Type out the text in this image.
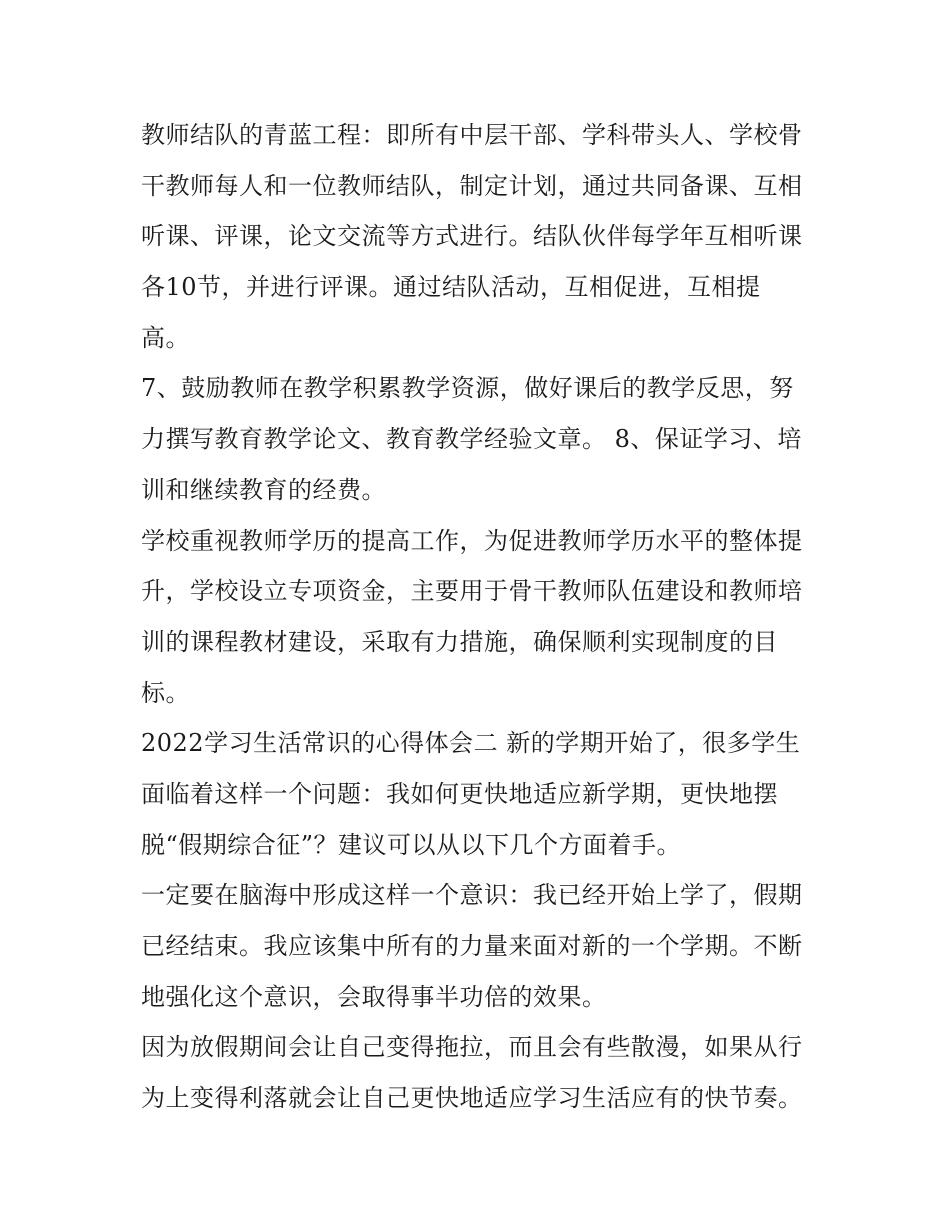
教师结队的青蓝工程：即所有中层干部、学科带头人、学校骨
干教师每人和一位教师结队，制定计划，通过共同备课、互相
听课、评课，论文交流等方式进行。结队伙伴每学年互相听课
各10节，并进行评课。通过结队活动，互相促进，互相提
高。
7、鼓励教师在教学积累教学资源，做好课后的教学反思，努
力撰写教育教学论文、教育教学经验文章。 8、保证学习、培
训和继续教育的经费。
学校重视教师学历的提高工作，为促进教师学历水平的整体提
升，学校设立专项资金，主要用于骨干教师队伍建设和教师培
训的课程教材建设，采取有力措施，确保顺利实现制度的目
标。
2022学习生活常识的心得体会二 新的学期开始了，很多学生
面临着这样一个问题：我如何更快地适应新学期，更快地摆
脱“假期综合征”？建议可以从以下几个方面着手。
一定要在脑海中形成这样一个意识：我已经开始上学了，假期
已经结束。我应该集中所有的力量来面对新的一个学期。不断
地强化这个意识，会取得事半功倍的效果。
因为放假期间会让自己变得拖拉，而且会有些散漫，如果从行
为上变得利落就会让自己更快地适应学习生活应有的快节奏。
